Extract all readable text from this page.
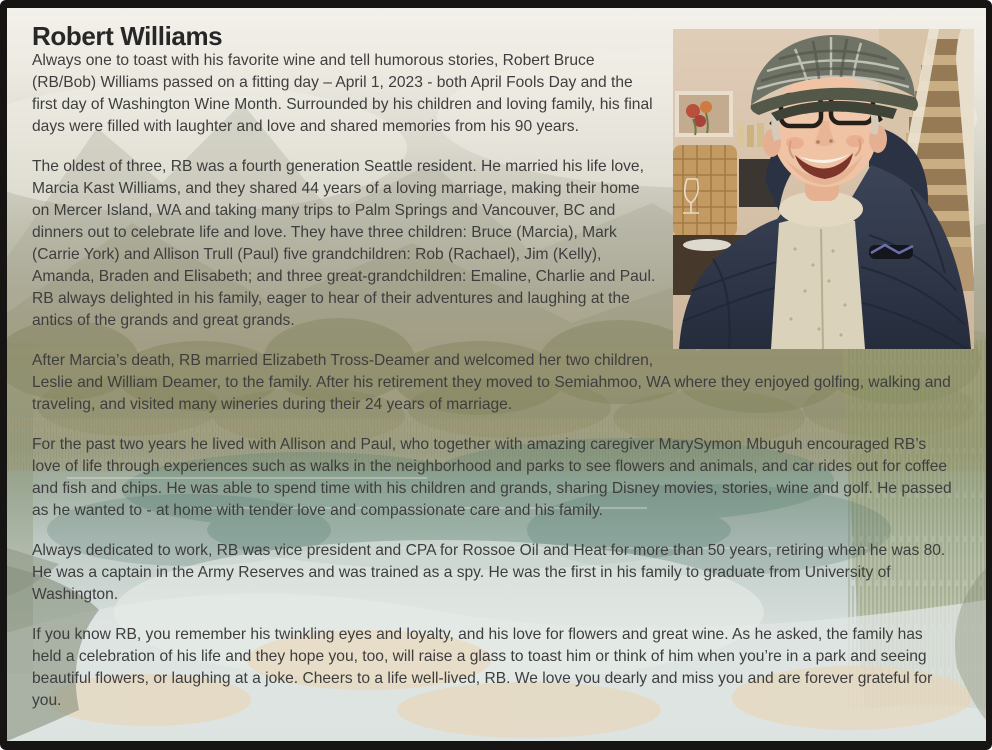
Robert Williams

Always one to toast with his favorite wine and tell humorous stories, Robert Bruce (RB/Bob) Williams passed on a fitting day – April 1, 2023 - both April Fools Day and the first day of Washington Wine Month. Surrounded by his children and loving family, his final days were filled with laughter and love and shared memories from his 90 years.

The oldest of three, RB was a fourth generation Seattle resident. He married his life love, Marcia Kast Williams, and they shared 44 years of a loving marriage, making their home on Mercer Island, WA and taking many trips to Palm Springs and Vancouver, BC and dinners out to celebrate life and love. They have three children: Bruce (Marcia), Mark (Carrie York) and Allison Trull (Paul) five grandchildren: Rob (Rachael), Jim (Kelly), Amanda, Braden and Elisabeth; and three great-grandchildren: Emaline, Charlie and Paul. RB always delighted in his family, eager to hear of their adventures and laughing at the antics of the grands and great grands.

After Marcia’s death, RB married Elizabeth Tross-Deamer and welcomed her two children, Leslie and William Deamer, to the family. After his retirement they moved to Semiahmoo, WA where they enjoyed golfing, walking and traveling, and visited many wineries during their 24 years of marriage.

For the past two years he lived with Allison and Paul, who together with amazing caregiver MarySymon Mbuguh encouraged RB’s love of life through experiences such as walks in the neighborhood and parks to see flowers and animals, and car rides out for coffee and fish and chips. He was able to spend time with his children and grands, sharing Disney movies, stories, wine and golf. He passed as he wanted to - at home with tender love and compassionate care and his family.

Always dedicated to work, RB was vice president and CPA for Rossoe Oil and Heat for more than 50 years, retiring when he was 80. He was a captain in the Army Reserves and was trained as a spy. He was the first in his family to graduate from University of Washington.

If you know RB, you remember his twinkling eyes and loyalty, and his love for flowers and great wine. As he asked, the family has held a celebration of his life and they hope you, too, will raise a glass to toast him or think of him when you’re in a park and seeing beautiful flowers, or laughing at a joke. Cheers to a life well-lived, RB. We love you dearly and miss you and are forever grateful for you.
